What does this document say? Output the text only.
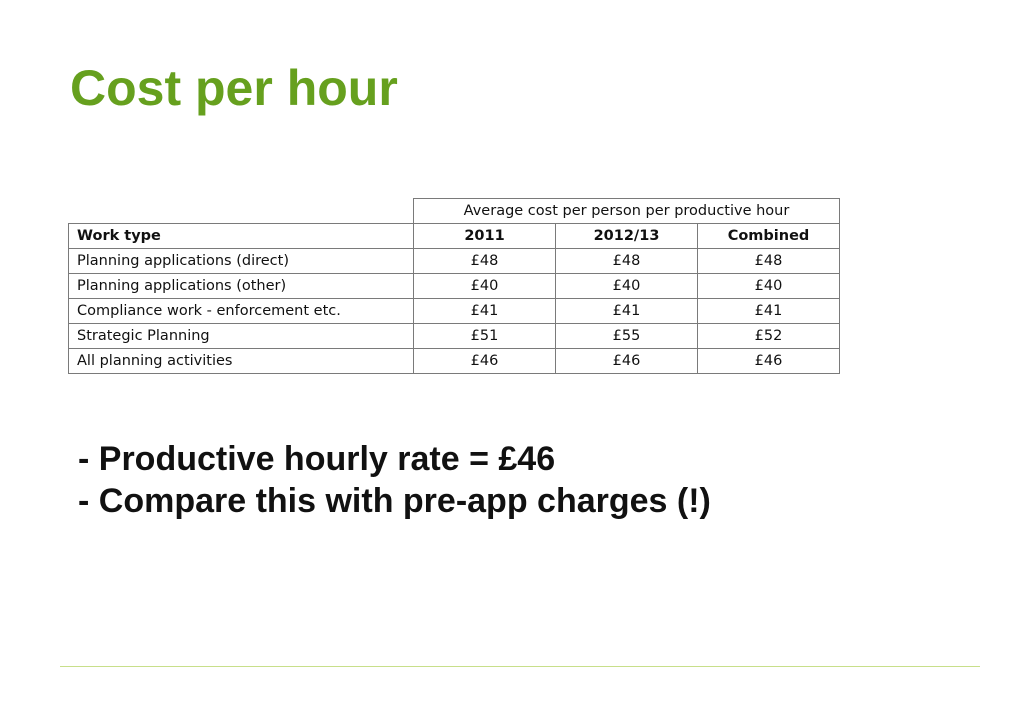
Cost per hour
	Average cost per person per productive hour		
Work type	2011	2012/13	Combined
Planning applications (direct)	£48	£48	£48
Planning applications (other)	£40	£40	£40
Compliance work - enforcement etc.	£41	£41	£41
Strategic Planning	£51	£55	£52
All planning activities	£46	£46	£46
- Productive hourly rate = £46
- Compare this with pre-app charges (!)
